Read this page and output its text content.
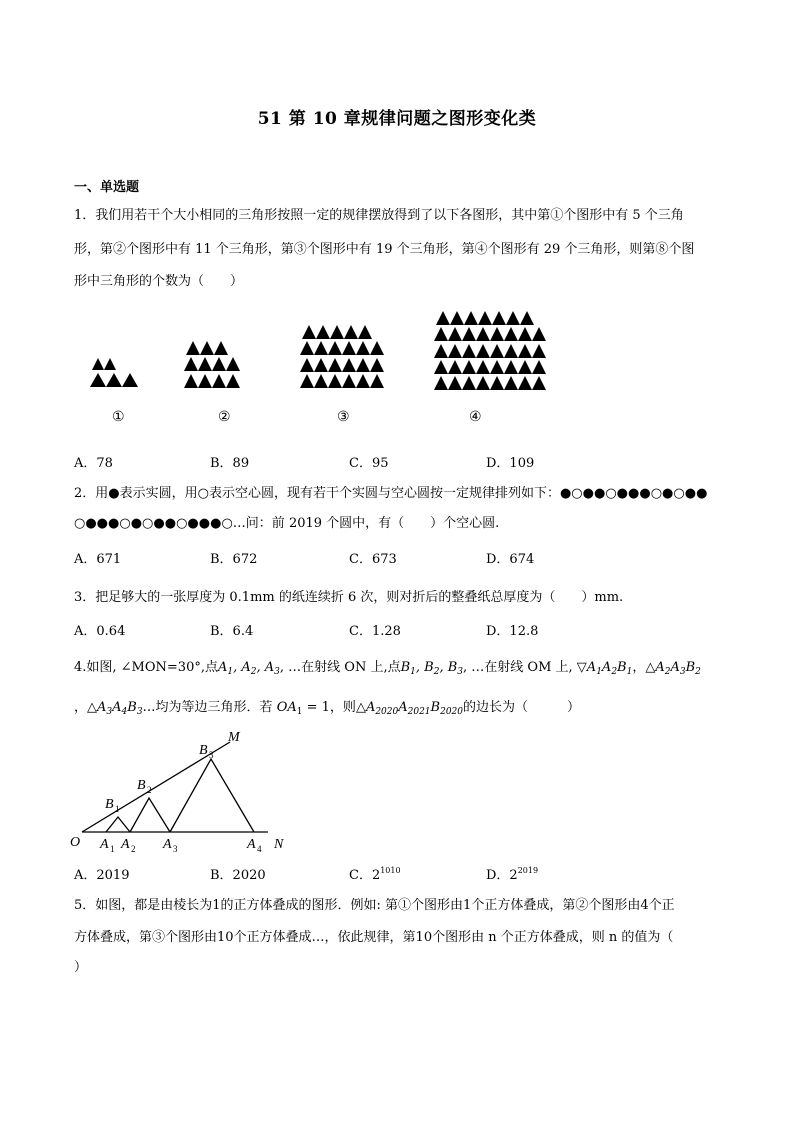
51 第 10 章规律问题之图形变化类
一、单选题
1．我们用若干个大小相同的三角形按照一定的规律摆放得到了以下各图形，其中第①个图形中有 5 个三角
形，第②个图形中有 11 个三角形，第③个图形中有 19 个三角形，第④个图形有 29 个三角形，则第⑧个图
形中三角形的个数为（　　）
①	②	③	④
A．78	B．89	C．95	D．109
2．用●表示实圆，用○表示空心圆，现有若干个实圆与空心圆按一定规律排列如下：●○●●○●●●○●○●●
○●●●○●○●●○●●●○…问：前 2019 个圆中，有（　　）个空心圆.
A．671	B．672	C．673	D．674
3．把足够大的一张厚度为 0.1mm 的纸连续折 6 次，则对折后的整叠纸总厚度为（　　）mm.
A．0.64	B．6.4	C．1.28	D．12.8
4.如图, ∠MON=30°,点$A_1$, $A_2$, $A_3$, …在射线 ON 上,点$B_1$, $B_2$, $B_3$, …在射线 OM 上, $▽A_1A_2B_1$，$\triangle A_2A_3B_2$
，$\triangle A_3A_4B_3\dots$均为等边三角形．若 $OA_1 = 1$，则$\triangle A_{2020}A_{2021}B_{2020}$的边长为（　　　）
O
M
N
A 1 A 2 A 3	A 4
B 1
B 2
B 3
A．2019	B．2020	C．$2^{1010}$	D．$2^{2019}$
5．如图，都是由棱长为1的正方体叠成的图形．例如: 第①个图形由1个正方体叠成，第②个图形由4个正
方体叠成，第③个图形由10个正方体叠成…，依此规律，第10个图形由 n 个正方体叠成，则 n 的值为（
）
